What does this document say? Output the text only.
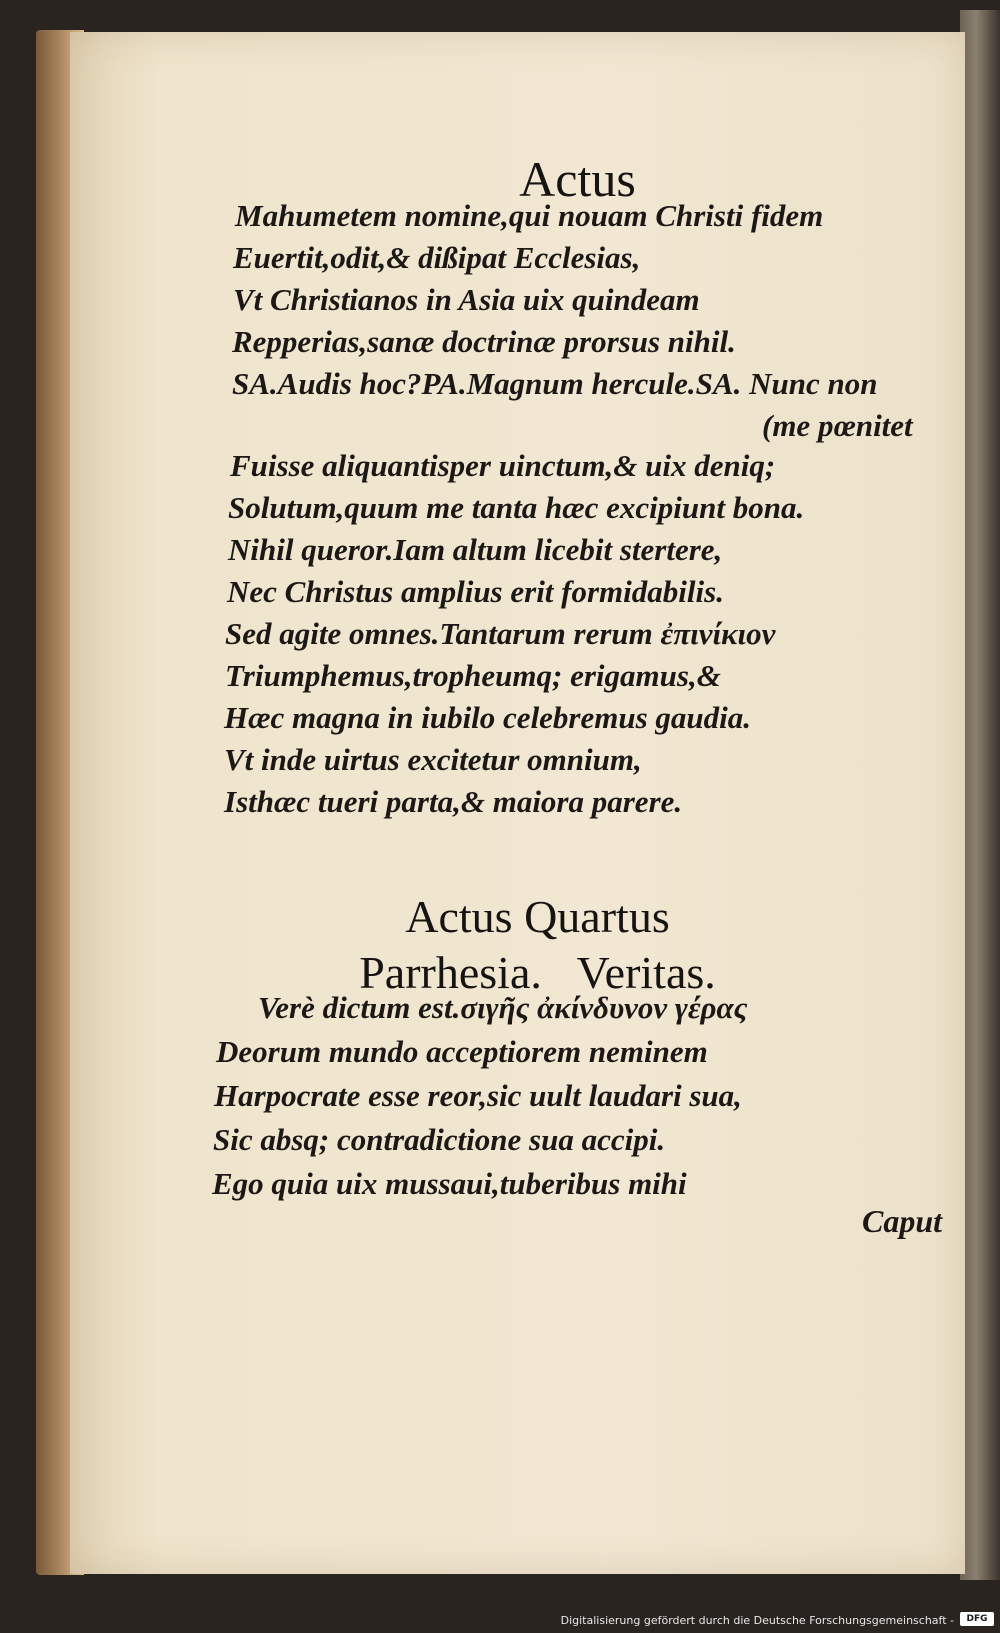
Actus
Mahumetem nomine,qui nouam Christi fidem
Euertit,odit,& dißipat Ecclesias,
Vt Christianos in Asia uix quindeam
Repperias,sanæ doctrinæ prorsus nihil.
SA.Audis hoc?PA.Magnum hercule.SA. Nunc non
(me pœnitet
Fuisse aliquantisper uinctum,& uix deniq;
Solutum,quum me tanta hæc excipiunt bona.
Nihil queror.Iam altum licebit stertere,
Nec Christus amplius erit formidabilis.
Sed agite omnes.Tantarum rerum ἐπινίκιον
Triumphemus,tropheumq; erigamus,&
Hæc magna in iubilo celebremus gaudia.
Vt inde uirtus excitetur omnium,
Isthæc tueri parta,& maiora parere.
Actus Quartus
Parrhesia. Veritas.
Verè dictum est.σιγῆς ἀκίνδυνον γέρας
Deorum mundo acceptiorem neminem
Harpocrate esse reor,sic uult laudari sua,
Sic absq; contradictione sua accipi.
Ego quia uix mussaui,tuberibus mihi
Caput
Digitalisierung gefördert durch die Deutsche Forschungsgemeinschaft -	DFG
